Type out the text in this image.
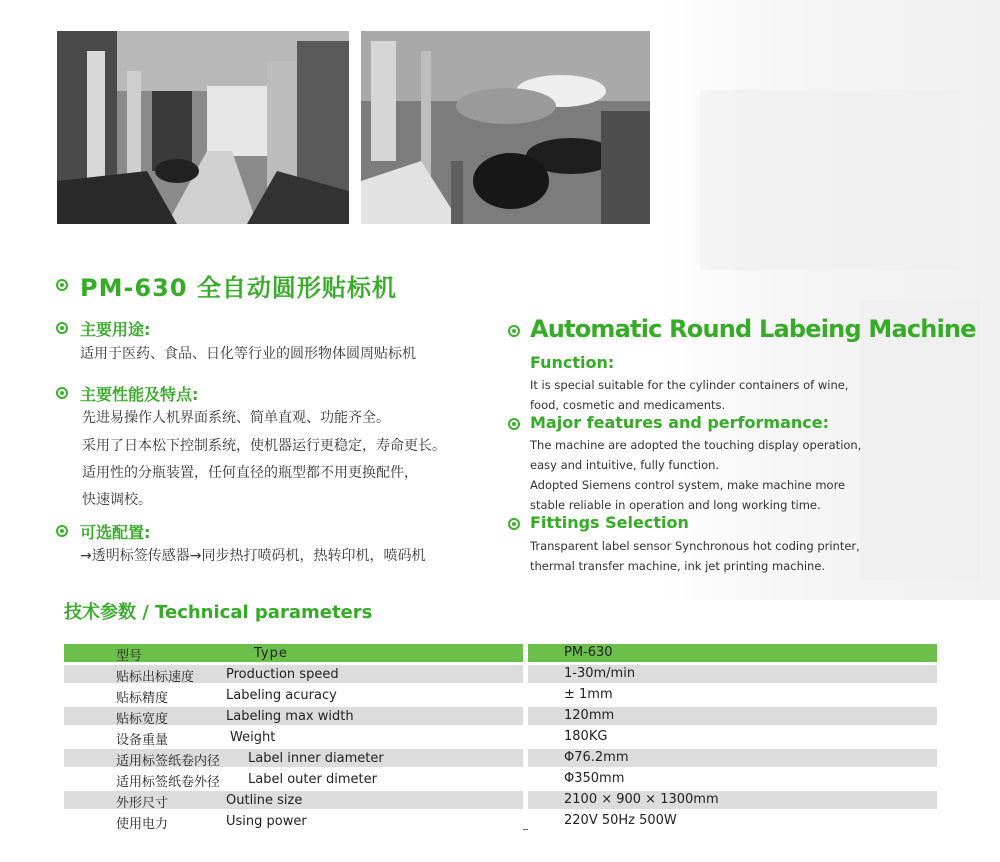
PM-630 全自动圆形贴标机
主要用途:
适用于医药、食品、日化等行业的圆形物体圆周贴标机
主要性能及特点:
先进易操作人机界面系统、简单直观、功能齐全。
采用了日本松下控制系统，使机器运行更稳定，寿命更长。
适用性的分瓶装置，任何直径的瓶型都不用更换配件，
快速调校。
可选配置:
→透明标签传感器→同步热打喷码机，热转印机，喷码机
Automatic Round Labeing Machine
Function:
It is special suitable for the cylinder containers of wine,
food, cosmetic and medicaments.
Major features and performance:
The machine are adopted the touching display operation,
easy and intuitive, fully function.
Adopted Siemens control system, make machine more
stable reliable in operation and long working time.
Fittings Selection
Transparent label sensor Synchronous hot coding printer,
thermal transfer machine, ink jet printing machine.
技术参数 / Technical parameters
型号	Type	PM-630
贴标出标速度 Production speed	1-30m/min
贴标精度	Labeling acuracy	± 1mm
贴标宽度	Labeling max width	120mm
设备重量	Weight	180KG
适用标签纸卷内径 Label inner diameter	Φ76.2mm
适用标签纸卷外径 Label outer dimeter	Φ350mm
外形尺寸	Outline size	2100 × 900 × 1300mm
使用电力	Using power	220V 50Hz 500W
